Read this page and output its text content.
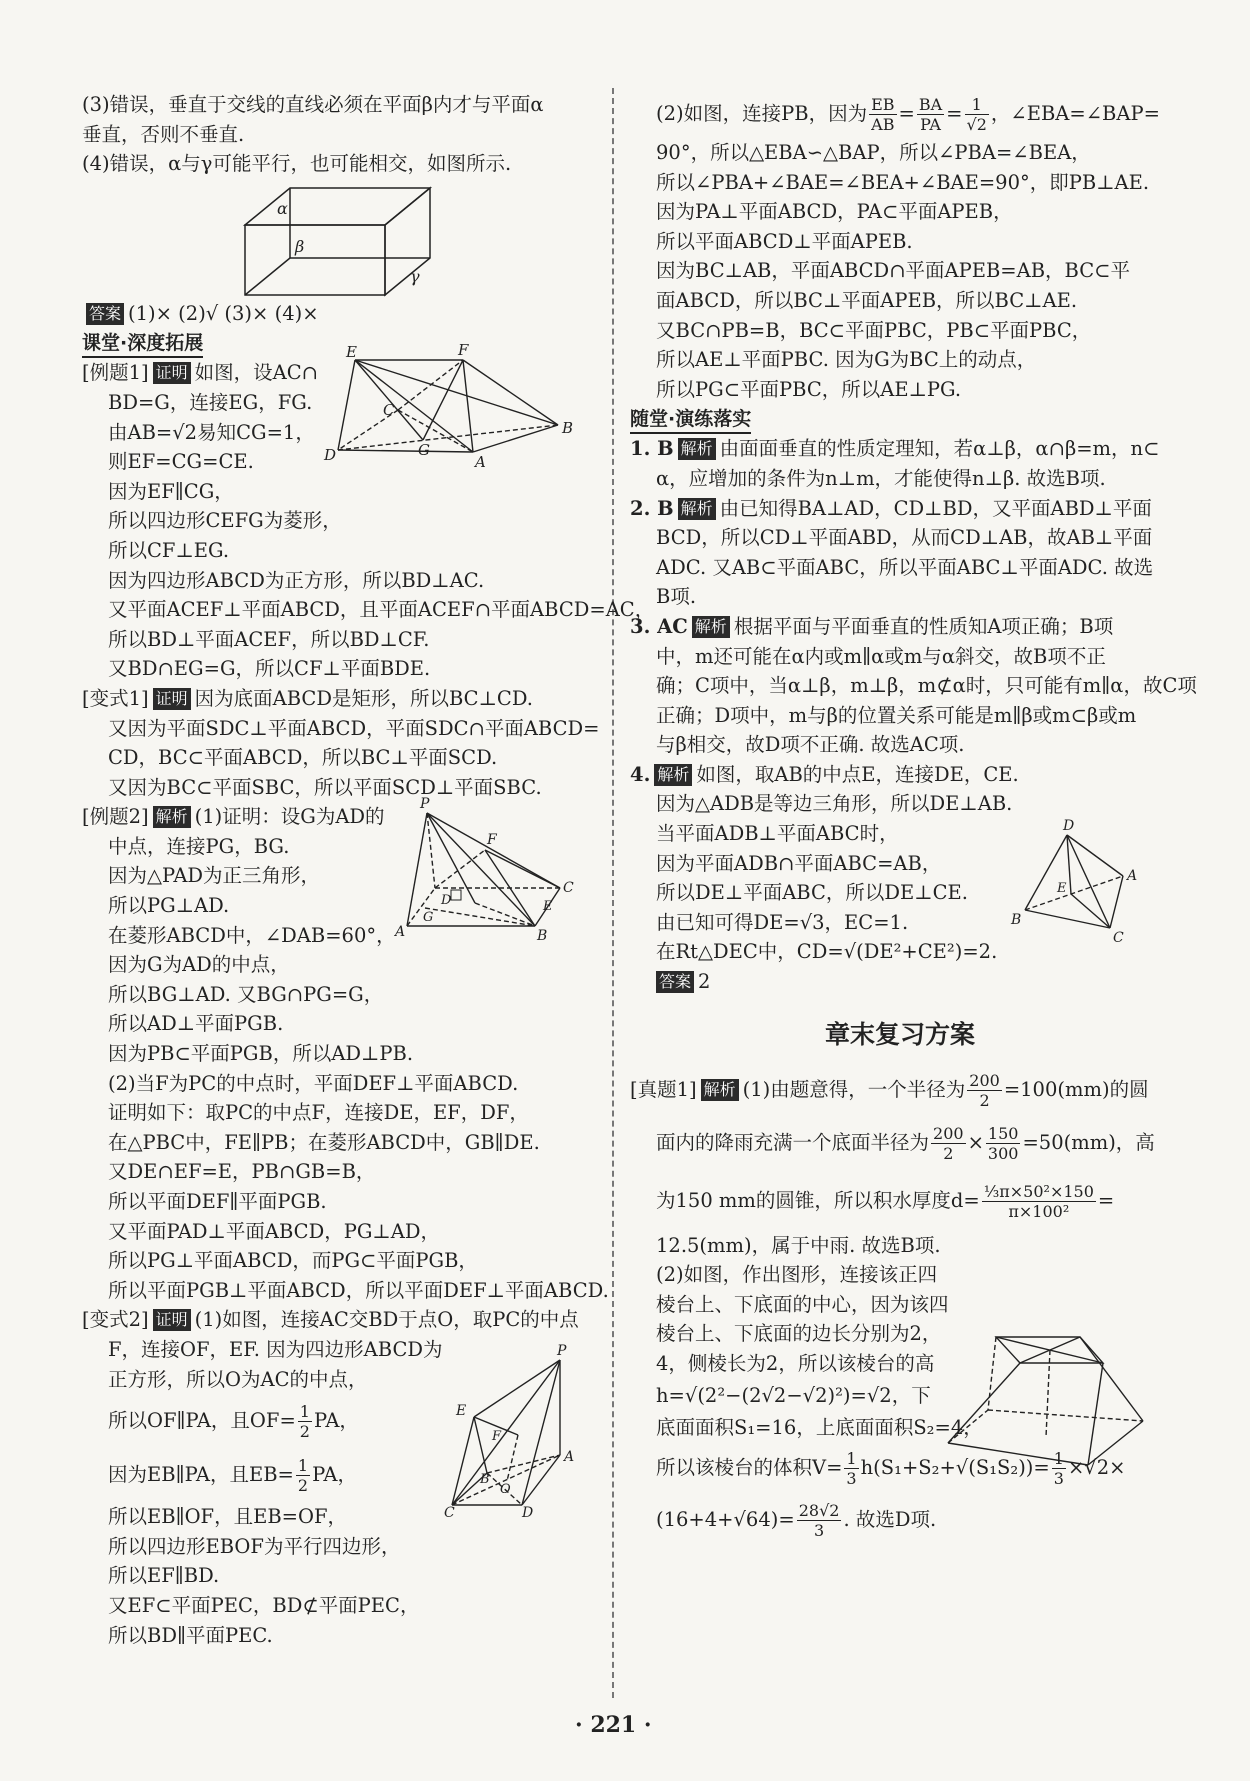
(3)错误，垂直于交线的直线必须在平面β内才与平面α
垂直，否则不垂直.
(4)错误，α与γ可能平行，也可能相交，如图所示.
答案 (1)× (2)√ (3)× (4)×
课堂·深度拓展
[例题1] 证明 如图，设AC∩
BD=G，连接EG，FG.
由AB=√2易知CG=1，
则EF=CG=CE.
因为EF∥CG，
所以四边形CEFG为菱形，
所以CF⊥EG.
因为四边形ABCD为正方形，所以BD⊥AC.
又平面ACEF⊥平面ABCD，且平面ACEF∩平面ABCD=AC，
所以BD⊥平面ACEF，所以BD⊥CF.
又BD∩EG=G，所以CF⊥平面BDE.
[变式1] 证明 因为底面ABCD是矩形，所以BC⊥CD.
又因为平面SDC⊥平面ABCD，平面SDC∩平面ABCD=
CD，BC⊂平面ABCD，所以BC⊥平面SCD.
又因为BC⊂平面SBC，所以平面SCD⊥平面SBC.
[例题2] 解析 (1)证明：设G为AD的
中点，连接PG，BG.
因为△PAD为正三角形，
所以PG⊥AD.
在菱形ABCD中，∠DAB=60°，
因为G为AD的中点，
所以BG⊥AD. 又BG∩PG=G，
所以AD⊥平面PGB.
因为PB⊂平面PGB，所以AD⊥PB.
(2)当F为PC的中点时，平面DEF⊥平面ABCD.
证明如下：取PC的中点F，连接DE，EF，DF，
在△PBC中，FE∥PB；在菱形ABCD中，GB∥DE.
又DE∩EF=E，PB∩GB=B，
所以平面DEF∥平面PGB.
又平面PAD⊥平面ABCD，PG⊥AD，
所以PG⊥平面ABCD，而PG⊂平面PGB，
所以平面PGB⊥平面ABCD，所以平面DEF⊥平面ABCD.
[变式2] 证明 (1)如图，连接AC交BD于点O，取PC的中点
F，连接OF，EF. 因为四边形ABCD为
正方形，所以O为AC的中点，
所以OF∥PA，且$OF= \frac{1}{2}$ PA，
因为EB∥PA，且$EB= \frac{1}{2}$ PA，
所以EB∥OF，且EB=OF，
所以四边形EBOF为平行四边形，
所以EF∥BD.
又EF⊂平面PEC，BD⊄平面PEC，
所以BD∥平面PEC.
(2)如图，连接PB，因为 $\frac{EB}{AB} = \frac{BA}{PA} = \frac{1}{√2}$ ，∠EBA=∠BAP=
90°，所以△EBA∽△BAP，所以∠PBA=∠BEA，
所以∠PBA+∠BAE=∠BEA+∠BAE=90°，即PB⊥AE.
因为PA⊥平面ABCD，PA⊂平面APEB，
所以平面ABCD⊥平面APEB.
因为BC⊥AB，平面ABCD∩平面APEB=AB，BC⊂平
面ABCD，所以BC⊥平面APEB，所以BC⊥AE.
又BC∩PB=B，BC⊂平面PBC，PB⊂平面PBC，
所以AE⊥平面PBC. 因为G为BC上的动点，
所以PG⊂平面PBC，所以AE⊥PG.
随堂·演练落实
1. B 解析 由面面垂直的性质定理知，若α⊥β，α∩β=m，n⊂
α，应增加的条件为n⊥m，才能使得n⊥β. 故选B项.
2. B 解析 由已知得BA⊥AD，CD⊥BD，又平面ABD⊥平面
BCD，所以CD⊥平面ABD，从而CD⊥AB，故AB⊥平面
ADC. 又AB⊂平面ABC，所以平面ABC⊥平面ADC. 故选
B项.
3. AC 解析 根据平面与平面垂直的性质知A项正确；B项
中，m还可能在α内或m∥α或m与α斜交，故B项不正
确；C项中，当α⊥β，m⊥β，m⊄α时，只可能有m∥α，故C项
正确；D项中，m与β的位置关系可能是m∥β或m⊂β或m
与β相交，故D项不正确. 故选AC项.
4. 解析 如图，取AB的中点E，连接DE，CE.
因为△ADB是等边三角形，所以DE⊥AB.
当平面ADB⊥平面ABC时，
因为平面ADB∩平面ABC=AB，
所以DE⊥平面ABC，所以DE⊥CE.
由已知可得DE=√3，EC=1.
在Rt△DEC中，CD=√(DE²+CE²)=2.
答案 2
章末复习方案
[真题1] 解析 (1)由题意得，一个半径为 $\frac{200}{2} =100(mm)$的圆
面内的降雨充满一个底面半径为 $\frac{200}{2} \times \frac{150}{300} =50(mm)$，高
为150 mm的圆锥，所以积水厚度$d= \frac{\text{⅓π×50²×150}}{\text{π×100²}}$ =
12.5(mm)，属于中雨. 故选B项.
(2)如图，作出图形，连接该正四
棱台上、下底面的中心，因为该四
棱台上、下底面的边长分别为2，
4，侧棱长为2，所以该棱台的高
h=√(2²−(2√2−√2)²)=√2，下
底面面积S₁=16，上底面面积S₂=4，
所以该棱台的体积$V= \frac{1}{3} h(S_1+S_2+√(S_1S_2))= \frac{1}{3} \times√2\times$
$(16+4+√64)= \frac{28√2}{3}$ . 故选D项.
α
β
γ
E	F
C
G
D	A
B
P
F
C
D
G
E
A	B
P
E
F
B
O
A
C	D
D
E
A
B
C
· 221 ·
